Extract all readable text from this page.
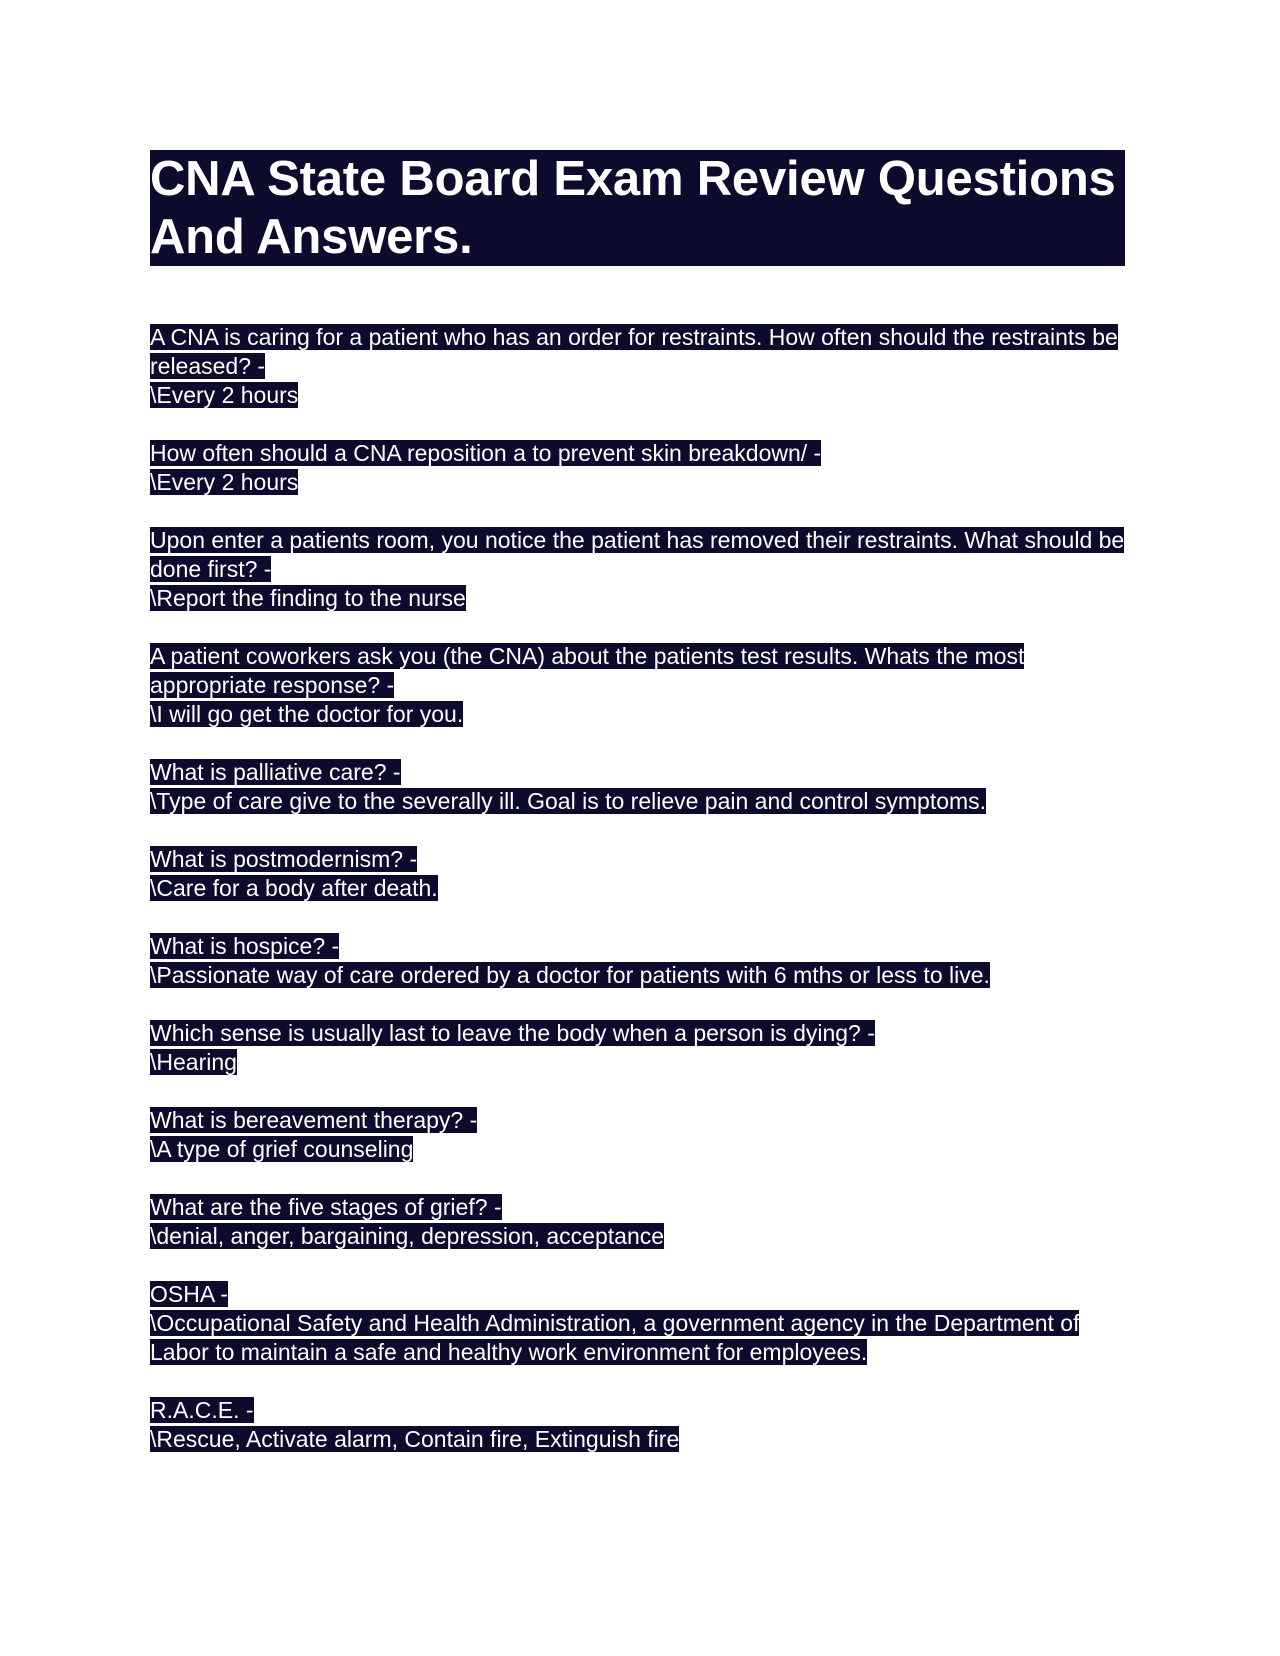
CNA State Board Exam Review Questions And Answers.

A CNA is caring for a patient who has an order for restraints. How often should the restraints be released? -
\Every 2 hours

How often should a CNA reposition a to prevent skin breakdown/ -
\Every 2 hours

Upon enter a patients room, you notice the patient has removed their restraints. What should be done first? -
\Report the finding to the nurse

A patient coworkers ask you (the CNA) about the patients test results. Whats the most appropriate response? -
\I will go get the doctor for you.

What is palliative care? -
\Type of care give to the severally ill. Goal is to relieve pain and control symptoms.

What is postmodernism? -
\Care for a body after death.

What is hospice? -
\Passionate way of care ordered by a doctor for patients with 6 mths or less to live.

Which sense is usually last to leave the body when a person is dying? -
\Hearing

What is bereavement therapy? -
\A type of grief counseling

What are the five stages of grief? -
\denial, anger, bargaining, depression, acceptance

OSHA -
\Occupational Safety and Health Administration, a government agency in the Department of Labor to maintain a safe and healthy work environment for employees.

R.A.C.E. -
\Rescue, Activate alarm, Contain fire, Extinguish fire
